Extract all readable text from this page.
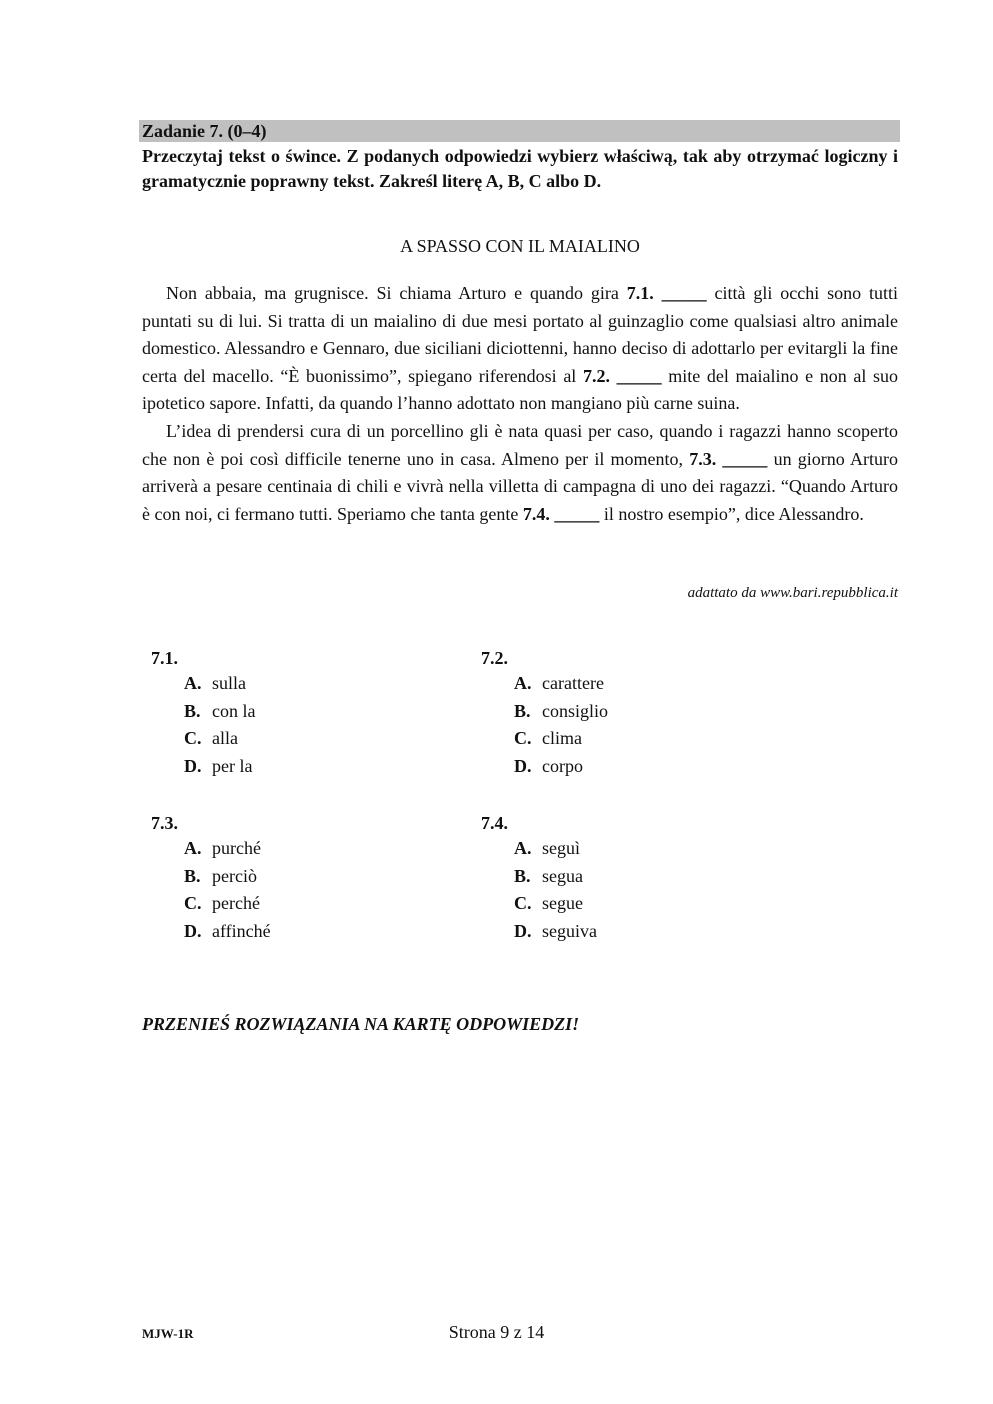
Zadanie 7. (0–4)
Przeczytaj tekst o śwince. Z podanych odpowiedzi wybierz właściwą, tak aby otrzymać logiczny i gramatycznie poprawny tekst. Zakreśl literę A, B, C albo D.
A SPASSO CON IL MAIALINO

Non abbaia, ma grugnisce. Si chiama Arturo e quando gira 7.1. _____ città gli occhi sono tutti puntati su di lui. Si tratta di un maialino di due mesi portato al guinzaglio come qualsiasi altro animale domestico. Alessandro e Gennaro, due siciliani diciottenni, hanno deciso di adottarlo per evitargli la fine certa del macello. “È buonissimo”, spiegano riferendosi al 7.2. _____ mite del maialino e non al suo ipotetico sapore. Infatti, da quando l’hanno adottato non mangiano più carne suina.

L’idea di prendersi cura di un porcellino gli è nata quasi per caso, quando i ragazzi hanno scoperto che non è poi così difficile tenerne uno in casa. Almeno per il momento, 7.3. _____ un giorno Arturo arriverà a pesare centinaia di chili e vivrà nella villetta di campagna di uno dei ragazzi. “Quando Arturo è con noi, ci fermano tutti. Speriamo che tanta gente 7.4. _____ il nostro esempio”, dice Alessandro.

adattato da www.bari.repubblica.it
7.1.
A. sulla
B. con la
C. alla
D. per la
7.2.
A. carattere
B. consiglio
C. clima
D. corpo
7.3.
A. purché
B. perciò
C. perché
D. affinché
7.4.
A. seguì
B. segua
C. segue
D. seguiva
PRZENIEŚ ROZWIĄZANIA NA KARTĘ ODPOWIEDZI!
MJW-1R	Strona 9 z 14
